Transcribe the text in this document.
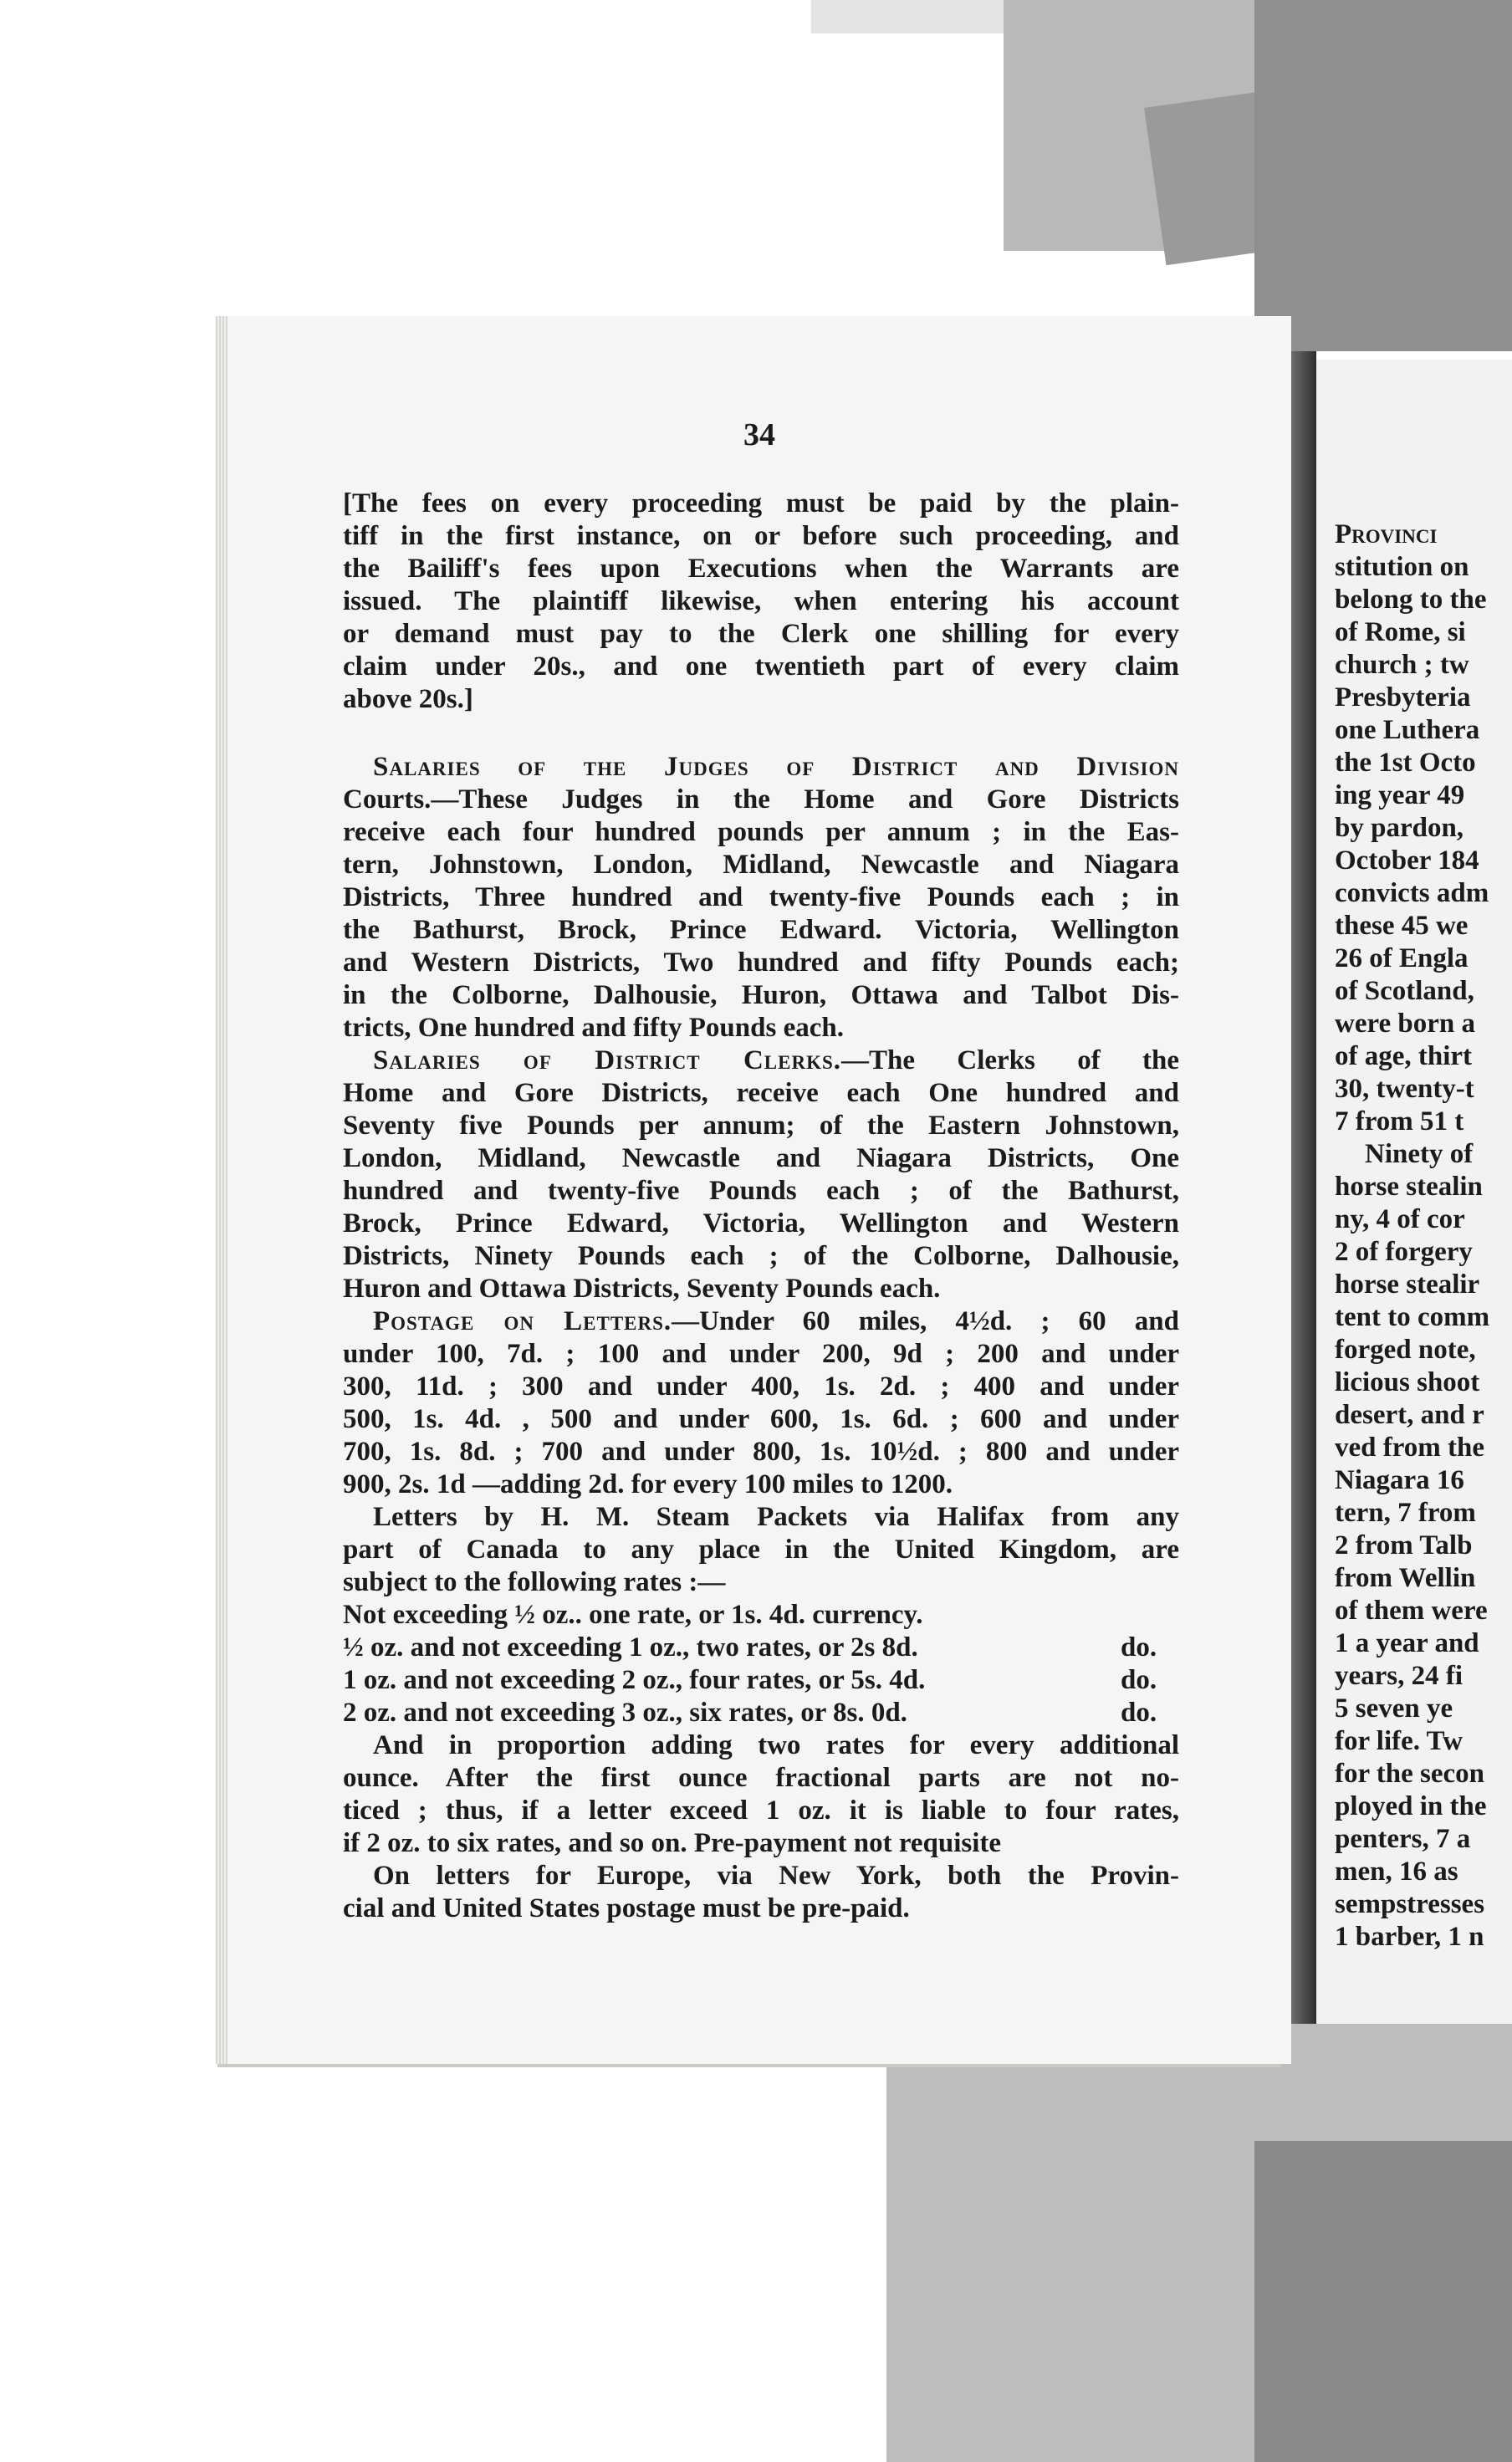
34

[The fees on every proceeding must be paid by the plain-

tiff in the first instance, on or before such proceeding, and

the Bailiff's fees upon Executions when the Warrants are

issued. The plaintiff likewise, when entering his account

or demand must pay to the Clerk one shilling for every

claim under 20s., and one twentieth part of every claim

above 20s.]

Salaries of the Judges of District and Division

Courts.—These Judges in the Home and Gore Districts

receive each four hundred pounds per annum ; in the Eas-

tern, Johnstown, London, Midland, Newcastle and Niagara

Districts, Three hundred and twenty-five Pounds each ; in

the Bathurst, Brock, Prince Edward. Victoria, Wellington

and Western Districts, Two hundred and fifty Pounds each;

in the Colborne, Dalhousie, Huron, Ottawa and Talbot Dis-

tricts, One hundred and fifty Pounds each.

Salaries of District Clerks.—The Clerks of the

Home and Gore Districts, receive each One hundred and

Seventy five Pounds per annum; of the Eastern Johnstown,

London, Midland, Newcastle and Niagara Districts, One

hundred and twenty-five Pounds each ; of the Bathurst,

Brock, Prince Edward, Victoria, Wellington and Western

Districts, Ninety Pounds each ; of the Colborne, Dalhousie,

Huron and Ottawa Districts, Seventy Pounds each.

Postage on Letters.—Under 60 miles, 4½d. ; 60 and

under 100, 7d. ; 100 and under 200, 9d ; 200 and under

300, 11d. ; 300 and under 400, 1s. 2d. ; 400 and under

500, 1s. 4d. , 500 and under 600, 1s. 6d. ; 600 and under

700, 1s. 8d. ; 700 and under 800, 1s. 10½d. ; 800 and under

900, 2s. 1d —adding 2d. for every 100 miles to 1200.

Letters by H. M. Steam Packets via Halifax from any

part of Canada to any place in the United Kingdom, are

subject to the following rates :—

Not exceeding ½ oz.. one rate, or 1s. 4d. currency.
½ oz. and not exceeding 1 oz., two rates, or 2s 8d.	do.
1 oz. and not exceeding 2 oz., four rates, or 5s. 4d.	do.
2 oz. and not exceeding 3 oz., six rates, or 8s. 0d.	do.

And in proportion adding two rates for every additional

ounce. After the first ounce fractional parts are not no-

ticed ; thus, if a letter exceed 1 oz. it is liable to four rates,

if 2 oz. to six rates, and so on. Pre-payment not requisite

On letters for Europe, via New York, both the Provin-

cial and United States postage must be pre-paid.

Provinci
stitution on
belong to the
of Rome, si
church ; tw
Presbyteria
one Luthera
the 1st Octo
ing year 49
by pardon,
October 184
convicts adm
these 45 we
26 of Engla
of Scotland,
were born a
of age, thirt
30, twenty-t
7 from 51 t
Ninety of
horse stealin
ny, 4 of cor
2 of forgery
horse stealir
tent to comm
forged note,
licious shoot
desert, and r
ved from the
Niagara 16
tern, 7 from
2 from Talb
from Wellin
of them were
1 a year and
years, 24 fi
5 seven ye
for life. Tw
for the secon
ployed in the
penters, 7 a
men, 16 as
sempstresses
1 barber, 1 n
